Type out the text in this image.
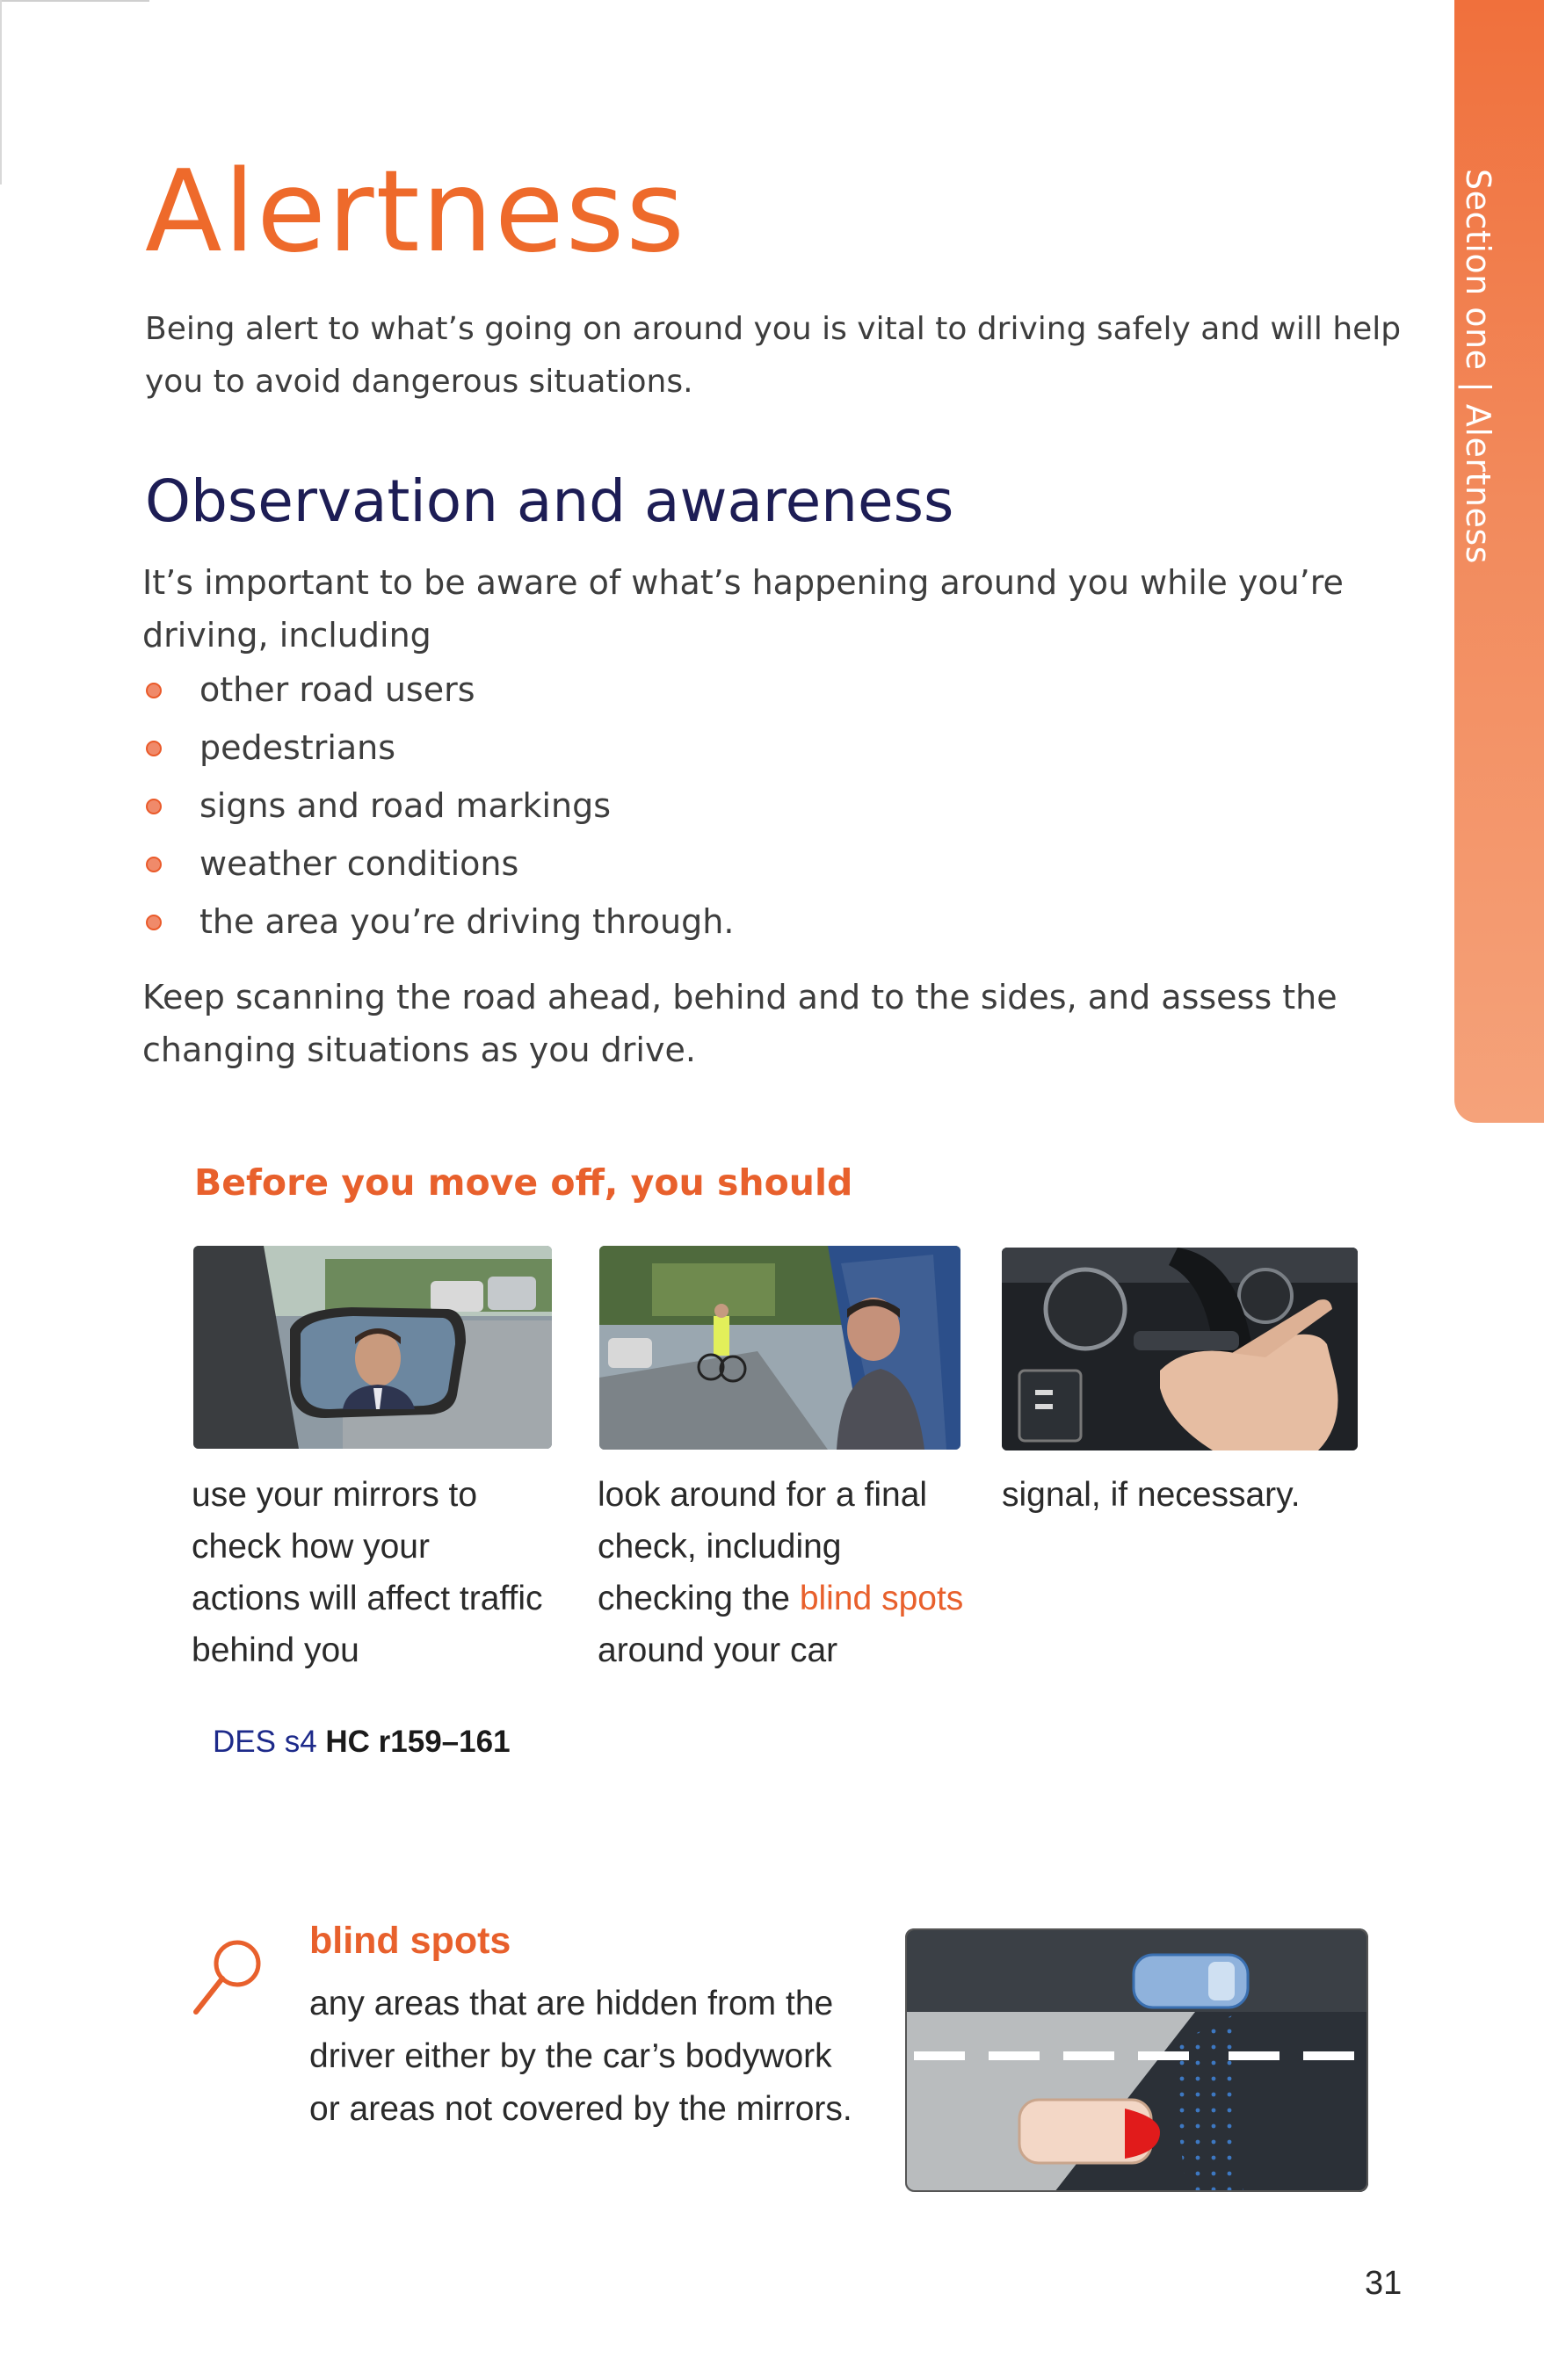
Section one | Alertness
Alertness
Being alert to what’s going on around you is vital to driving safely and will help you to avoid dangerous situations.
Observation and awareness
It’s important to be aware of what’s happening around you while you’re driving, including
other road users
pedestrians
signs and road markings
weather conditions
the area you’re driving through.
Keep scanning the road ahead, behind and to the sides, and assess the changing situations as you drive.
Before you move off, you should
use your mirrors to check how your actions will affect traffic behind you
look around for a final check, including checking the blind spots around your car
signal, if necessary.
DES s4 HC r159–161
blind spots
any areas that are hidden from the driver either by the car’s bodywork or areas not covered by the mirrors.
31
